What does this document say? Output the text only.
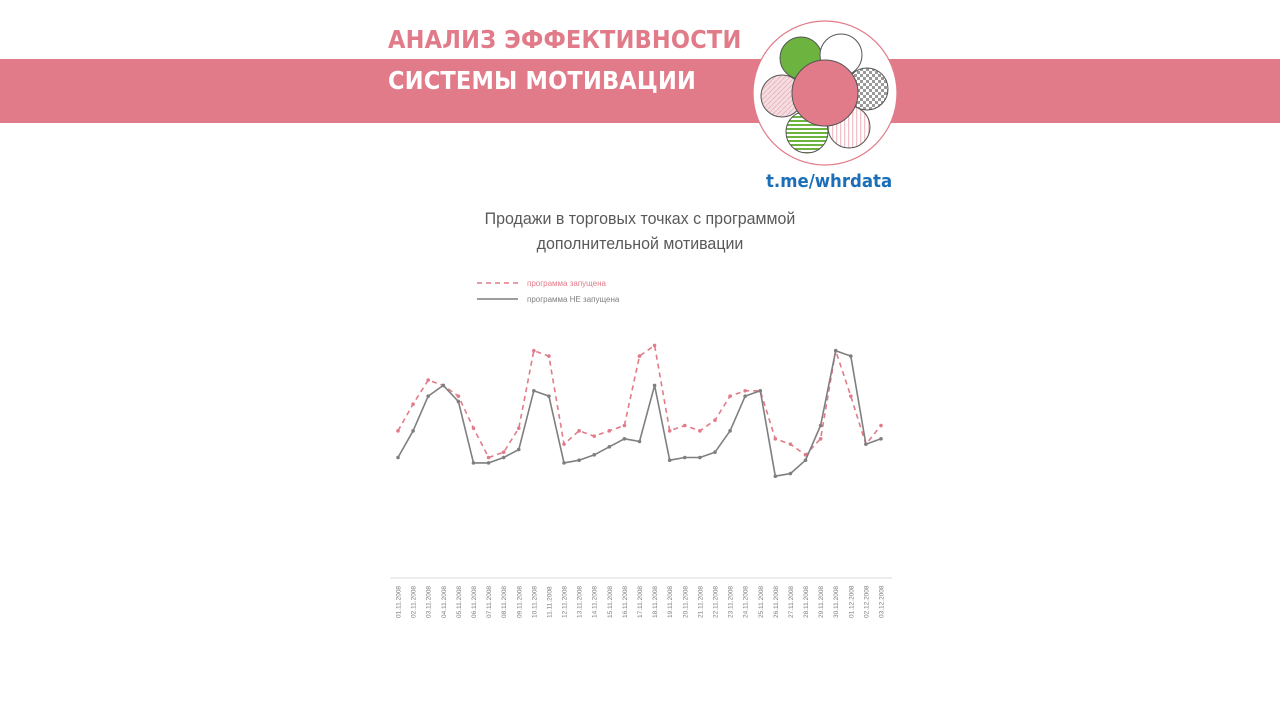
АНАЛИЗ ЭФФЕКТИВНОСТИ
СИСТЕМЫ МОТИВАЦИИ
t.me/whrdata
Продажи в торговых точках с программой
дополнительной мотивации
программа запущена
программа НЕ запущена
01.11.2008 02.11.2008 03.11.2008 04.11.2008 05.11.2008 06.11.2008 07.11.2008 08.11.2008 09.11.2008 10.11.2008 11.11.2008 12.11.2008 13.11.2008 14.11.2008 15.11.2008 16.11.2008 17.11.2008 18.11.2008 19.11.2008 20.11.2008 21.11.2008 22.11.2008 23.11.2008 24.11.2008 25.11.2008 26.11.2008 27.11.2008 28.11.2008 29.11.2008 30.11.2008 01.12.2008 02.12.2008 03.12.2008
